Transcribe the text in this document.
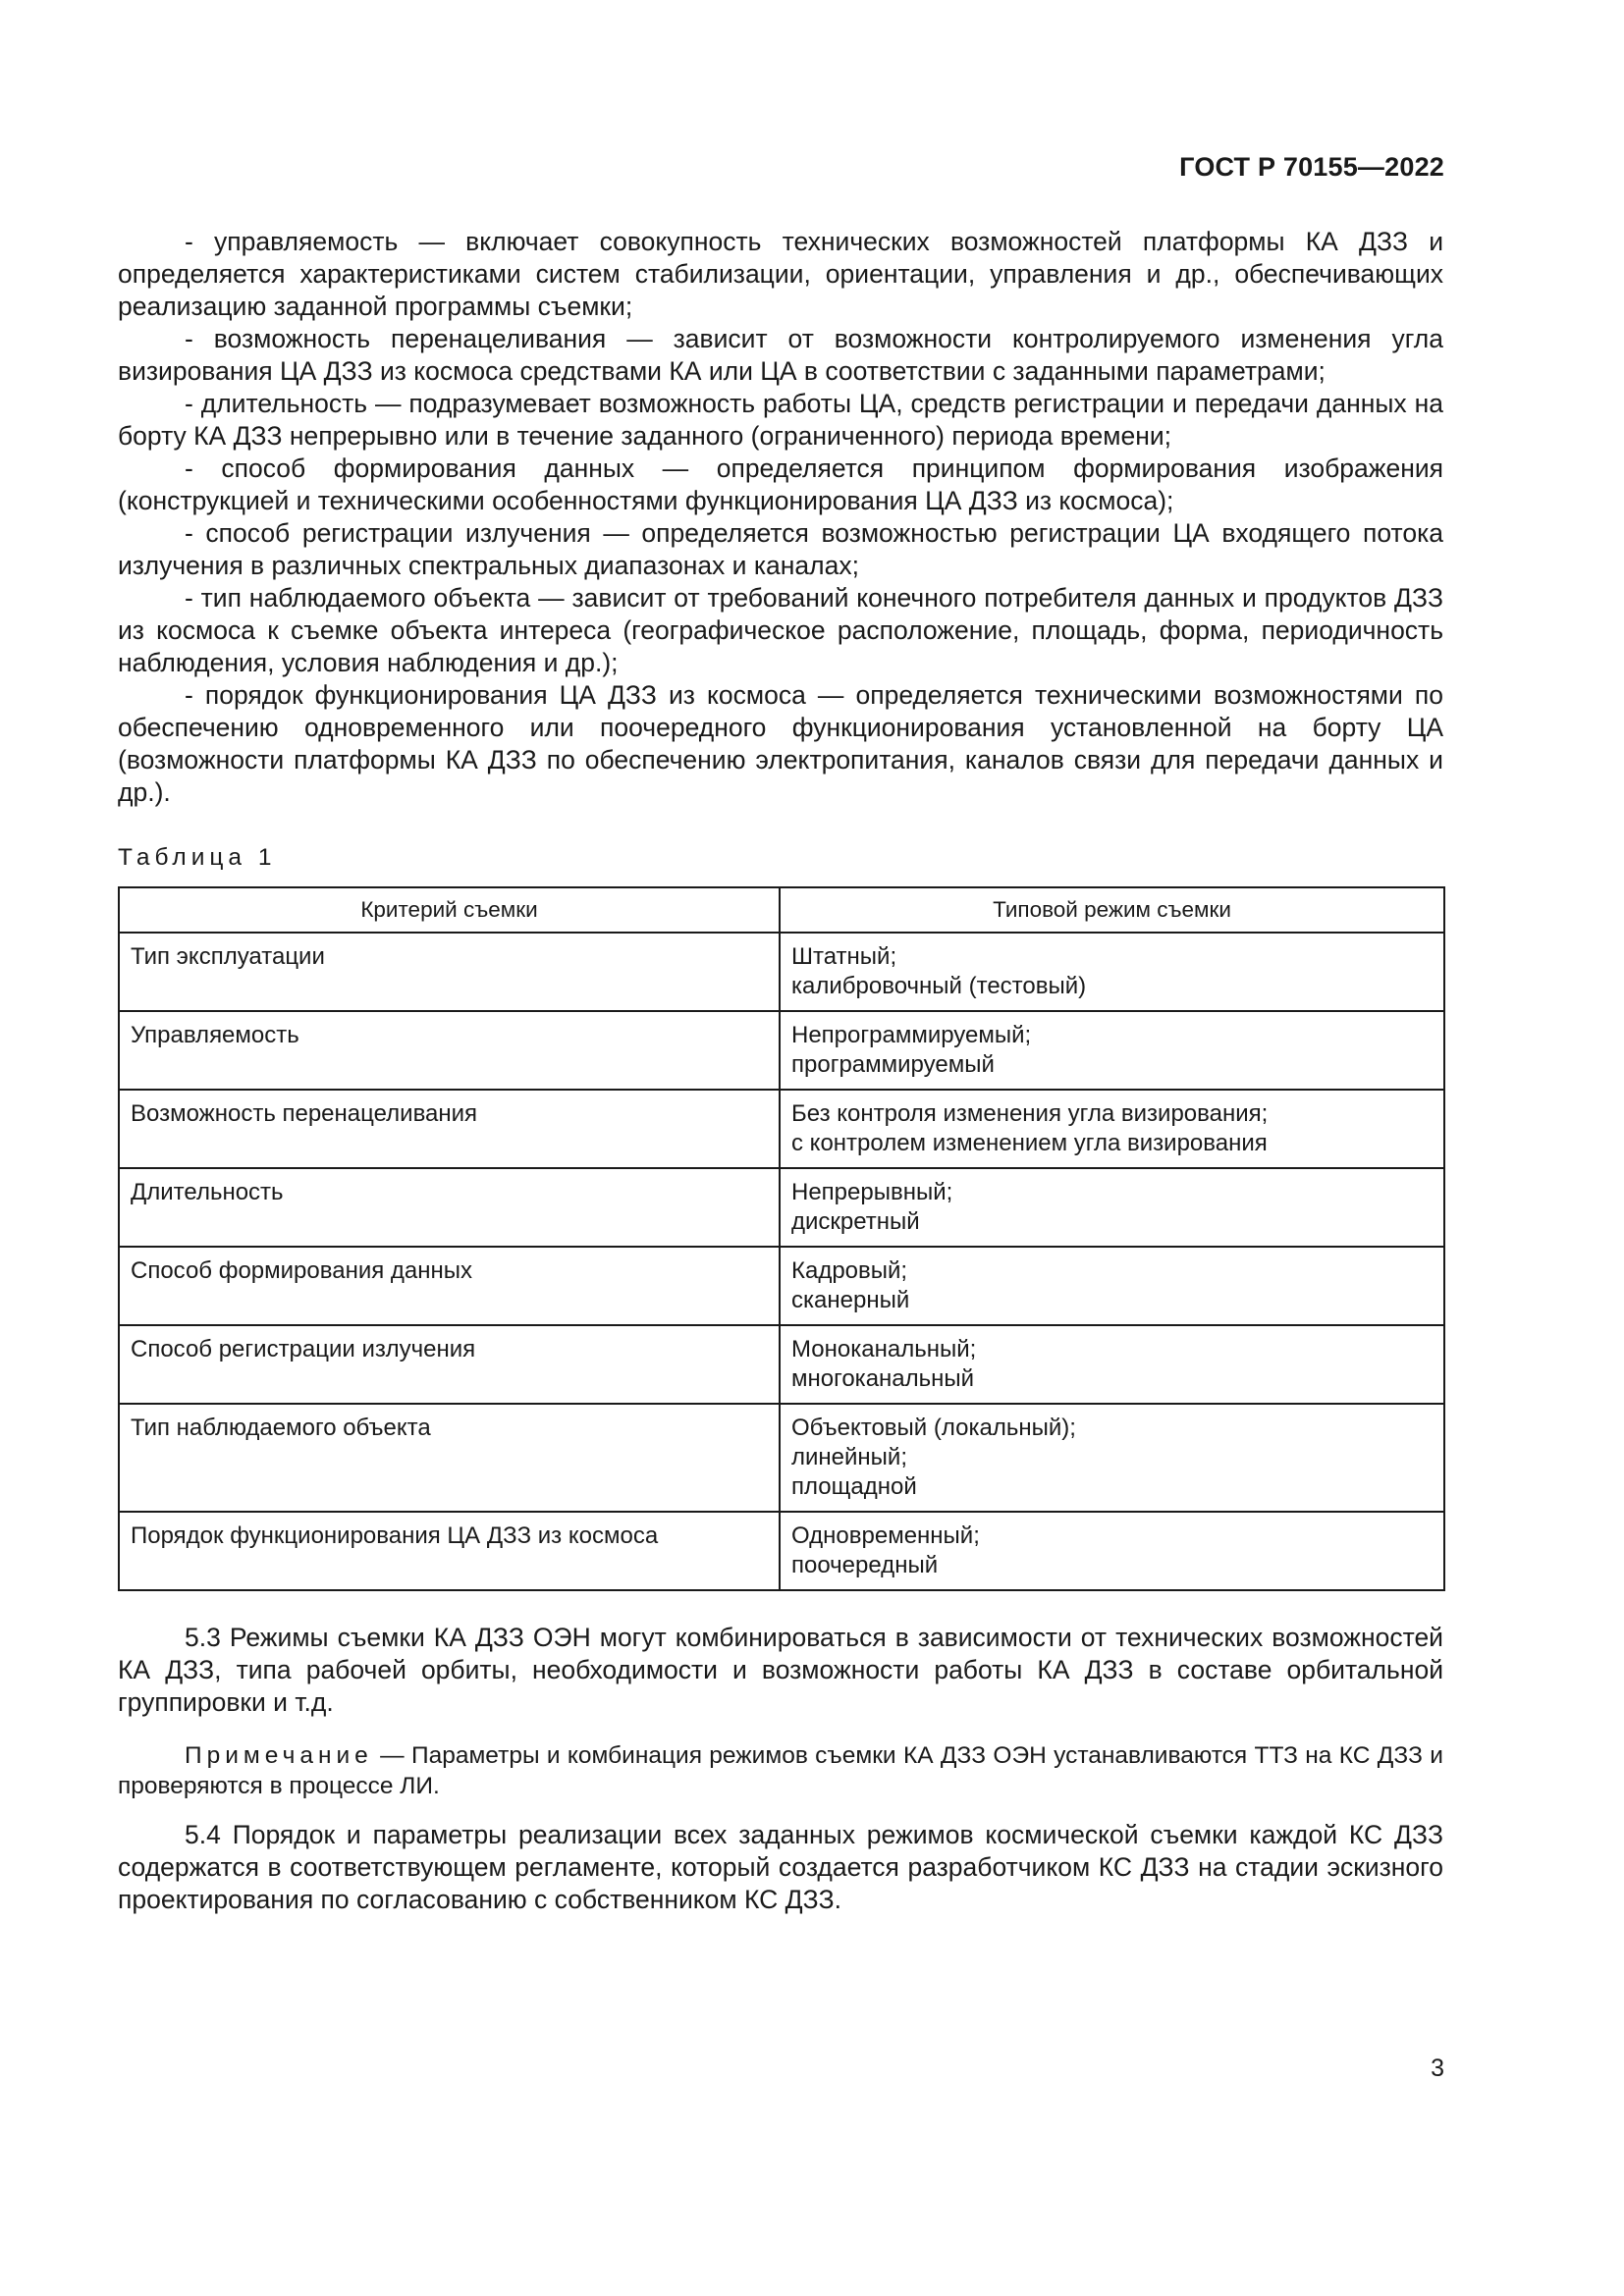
ГОСТ Р 70155—2022

- управляемость — включает совокупность технических возможностей платформы КА ДЗЗ и определяется характеристиками систем стабилизации, ориентации, управления и др., обеспечивающих реализацию заданной программы съемки;

- возможность перенацеливания — зависит от возможности контролируемого изменения угла визирования ЦА ДЗЗ из космоса средствами КА или ЦА в соответствии с заданными параметрами;

- длительность — подразумевает возможность работы ЦА, средств регистрации и передачи данных на борту КА ДЗЗ непрерывно или в течение заданного (ограниченного) периода времени;

- способ формирования данных — определяется принципом формирования изображения (конструкцией и техническими особенностями функционирования ЦА ДЗЗ из космоса);

- способ регистрации излучения — определяется возможностью регистрации ЦА входящего потока излучения в различных спектральных диапазонах и каналах;

- тип наблюдаемого объекта — зависит от требований конечного потребителя данных и продуктов ДЗЗ из космоса к съемке объекта интереса (географическое расположение, площадь, форма, периодичность наблюдения, условия наблюдения и др.);

- порядок функционирования ЦА ДЗЗ из космоса — определяется техническими возможностями по обеспечению одновременного или поочередного функционирования установленной на борту ЦА (возможности платформы КА ДЗЗ по обеспечению электропитания, каналов связи для передачи данных и др.).

Таблица 1
Критерий съемки	Типовой режим съемки
Тип эксплуатации	Штатный;
калибровочный (тестовый)

Управляемость	Непрограммируемый;
программируемый

Возможность перенацеливания	Без контроля изменения угла визирования;
с контролем изменением угла визирования

Длительность	Непрерывный;
дискретный

Способ формирования данных	Кадровый;
сканерный

Способ регистрации излучения	Моноканальный;
многоканальный

Тип наблюдаемого объекта	Объектовый (локальный);
линейный;
площадной

Порядок функционирования ЦА ДЗЗ из космоса	Одновременный;
поочередный

5.3 Режимы съемки КА ДЗЗ ОЭН могут комбинироваться в зависимости от технических возможностей КА ДЗЗ, типа рабочей орбиты, необходимости и возможности работы КА ДЗЗ в составе орбитальной группировки и т.д.

Примечание — Параметры и комбинация режимов съемки КА ДЗЗ ОЭН устанавливаются ТТЗ на КС ДЗЗ и проверяются в процессе ЛИ.

5.4 Порядок и параметры реализации всех заданных режимов космической съемки каждой КС ДЗЗ содержатся в соответствующем регламенте, который создается разработчиком КС ДЗЗ на стадии эскизного проектирования по согласованию с собственником КС ДЗЗ.

3
